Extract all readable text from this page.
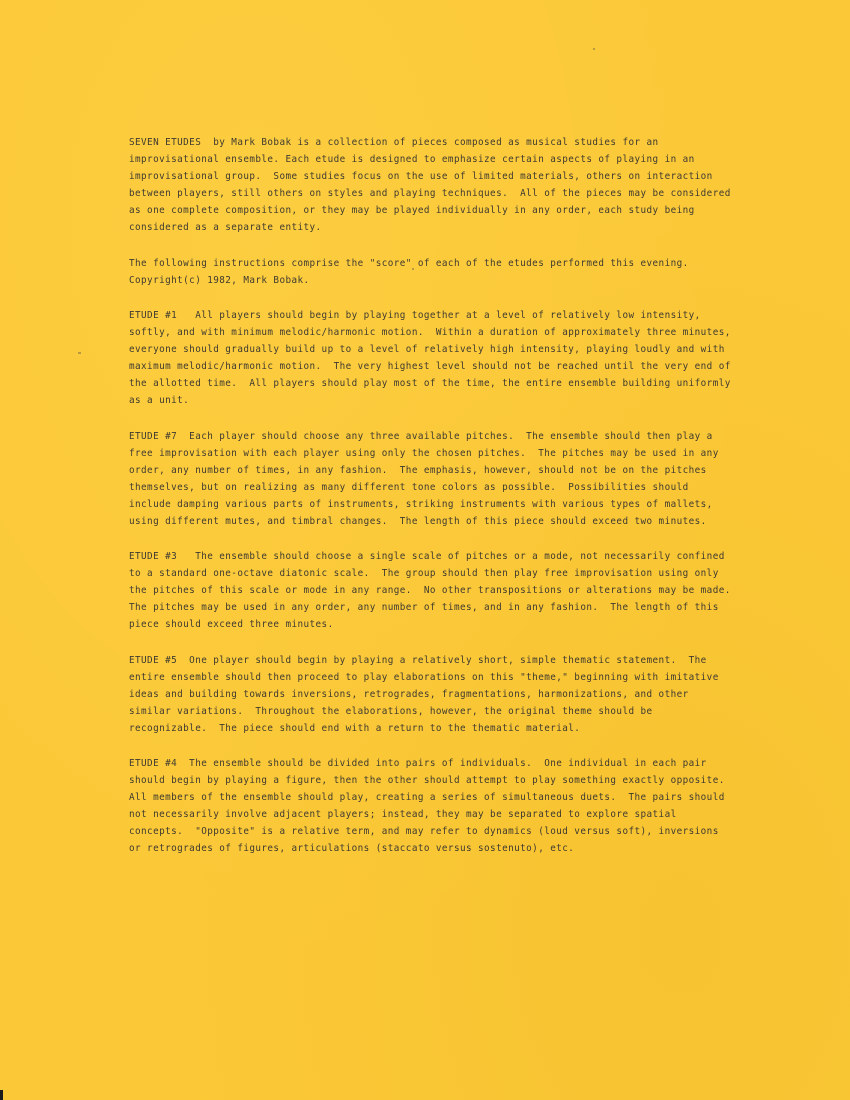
SEVEN ETUDES  by Mark Bobak is a collection of pieces composed as musical studies for an
improvisational ensemble. Each etude is designed to emphasize certain aspects of playing in an
improvisational group.  Some studies focus on the use of limited materials, others on interaction
between players, still others on styles and playing techniques.  All of the pieces may be considered
as one complete composition, or they may be played individually in any order, each study being
considered as a separate entity.
The following instructions comprise the "score" of each of the etudes performed this evening.
Copyright(c) 1982, Mark Bobak.
ETUDE #1   All players should begin by playing together at a level of relatively low intensity,
softly, and with minimum melodic/harmonic motion.  Within a duration of approximately three minutes,
everyone should gradually build up to a level of relatively high intensity, playing loudly and with
maximum melodic/harmonic motion.  The very highest level should not be reached until the very end of
the allotted time.  All players should play most of the time, the entire ensemble building uniformly
as a unit.
ETUDE #7  Each player should choose any three available pitches.  The ensemble should then play a
free improvisation with each player using only the chosen pitches.  The pitches may be used in any
order, any number of times, in any fashion.  The emphasis, however, should not be on the pitches
themselves, but on realizing as many different tone colors as possible.  Possibilities should
include damping various parts of instruments, striking instruments with various types of mallets,
using different mutes, and timbral changes.  The length of this piece should exceed two minutes.
ETUDE #3   The ensemble should choose a single scale of pitches or a mode, not necessarily confined
to a standard one-octave diatonic scale.  The group should then play free improvisation using only
the pitches of this scale or mode in any range.  No other transpositions or alterations may be made.
The pitches may be used in any order, any number of times, and in any fashion.  The length of this
piece should exceed three minutes.
ETUDE #5  One player should begin by playing a relatively short, simple thematic statement.  The
entire ensemble should then proceed to play elaborations on this "theme," beginning with imitative
ideas and building towards inversions, retrogrades, fragmentations, harmonizations, and other
similar variations.  Throughout the elaborations, however, the original theme should be
recognizable.  The piece should end with a return to the thematic material.
ETUDE #4  The ensemble should be divided into pairs of individuals.  One individual in each pair
should begin by playing a figure, then the other should attempt to play something exactly opposite.
All members of the ensemble should play, creating a series of simultaneous duets.  The pairs should
not necessarily involve adjacent players; instead, they may be separated to explore spatial
concepts.  "Opposite" is a relative term, and may refer to dynamics (loud versus soft), inversions
or retrogrades of figures, articulations (staccato versus sostenuto), etc.
